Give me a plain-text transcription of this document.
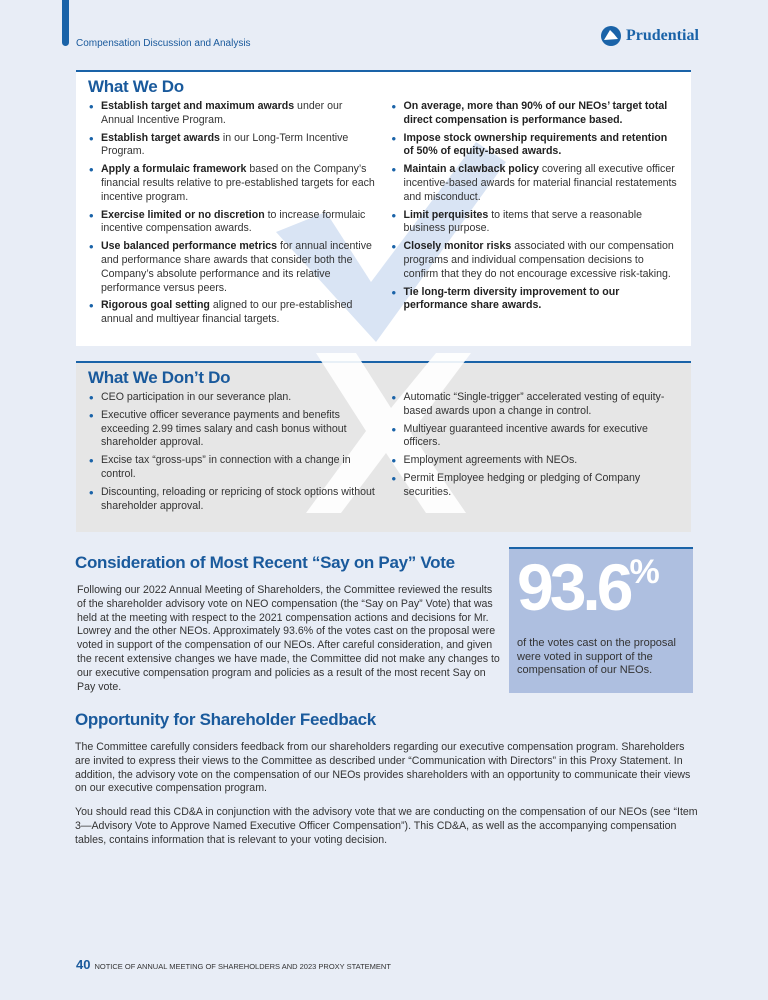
Compensation Discussion and Analysis	Prudential
What We Do
• Establish target and maximum awards under our Annual Incentive Program.
• Establish target awards in our Long-Term Incentive Program.
• Apply a formulaic framework based on the Company’s financial results relative to pre-established targets for each incentive program.
• Exercise limited or no discretion to increase formulaic incentive compensation awards.
• Use balanced performance metrics for annual incentive and performance share awards that consider both the Company’s absolute performance and its relative performance versus peers.
• Rigorous goal setting aligned to our pre-established annual and multiyear financial targets.
• On average, more than 90% of our NEOs’ target total direct compensation is performance based.
• Impose stock ownership requirements and retention of 50% of equity-based awards.
• Maintain a clawback policy covering all executive officer incentive-based awards for material financial restatements and misconduct.
• Limit perquisites to items that serve a reasonable business purpose.
• Closely monitor risks associated with our compensation programs and individual compensation decisions to confirm that they do not encourage excessive risk-taking.
• Tie long-term diversity improvement to our performance share awards.
What We Don’t Do
• CEO participation in our severance plan.
• Executive officer severance payments and benefits exceeding 2.99 times salary and cash bonus without shareholder approval.
• Excise tax “gross-ups” in connection with a change in control.
• Discounting, reloading or repricing of stock options without shareholder approval.
• Automatic “Single-trigger” accelerated vesting of equity-based awards upon a change in control.
• Multiyear guaranteed incentive awards for executive officers.
• Employment agreements with NEOs.
• Permit Employee hedging or pledging of Company securities.
Consideration of Most Recent “Say on Pay” Vote
Following our 2022 Annual Meeting of Shareholders, the Committee reviewed the results of the shareholder advisory vote on NEO compensation (the “Say on Pay” Vote) that was held at the meeting with respect to the 2021 compensation actions and decisions for Mr. Lowrey and the other NEOs. Approximately 93.6% of the votes cast on the proposal were voted in support of the compensation of our NEOs. After careful consideration, and given the recent extensive changes we have made, the Committee did not make any changes to our executive compensation program and policies as a result of the most recent Say on Pay vote.
93.6%
of the votes cast on the proposal were voted in support of the compensation of our NEOs.
Opportunity for Shareholder Feedback
The Committee carefully considers feedback from our shareholders regarding our executive compensation program. Shareholders are invited to express their views to the Committee as described under “Communication with Directors” in this Proxy Statement. In addition, the advisory vote on the compensation of our NEOs provides shareholders with an opportunity to communicate their views on our executive compensation program.
You should read this CD&A in conjunction with the advisory vote that we are conducting on the compensation of our NEOs (see “Item 3—Advisory Vote to Approve Named Executive Officer Compensation”). This CD&A, as well as the accompanying compensation tables, contains information that is relevant to your voting decision.
40 NOTICE OF ANNUAL MEETING OF SHAREHOLDERS AND 2023 PROXY STATEMENT
